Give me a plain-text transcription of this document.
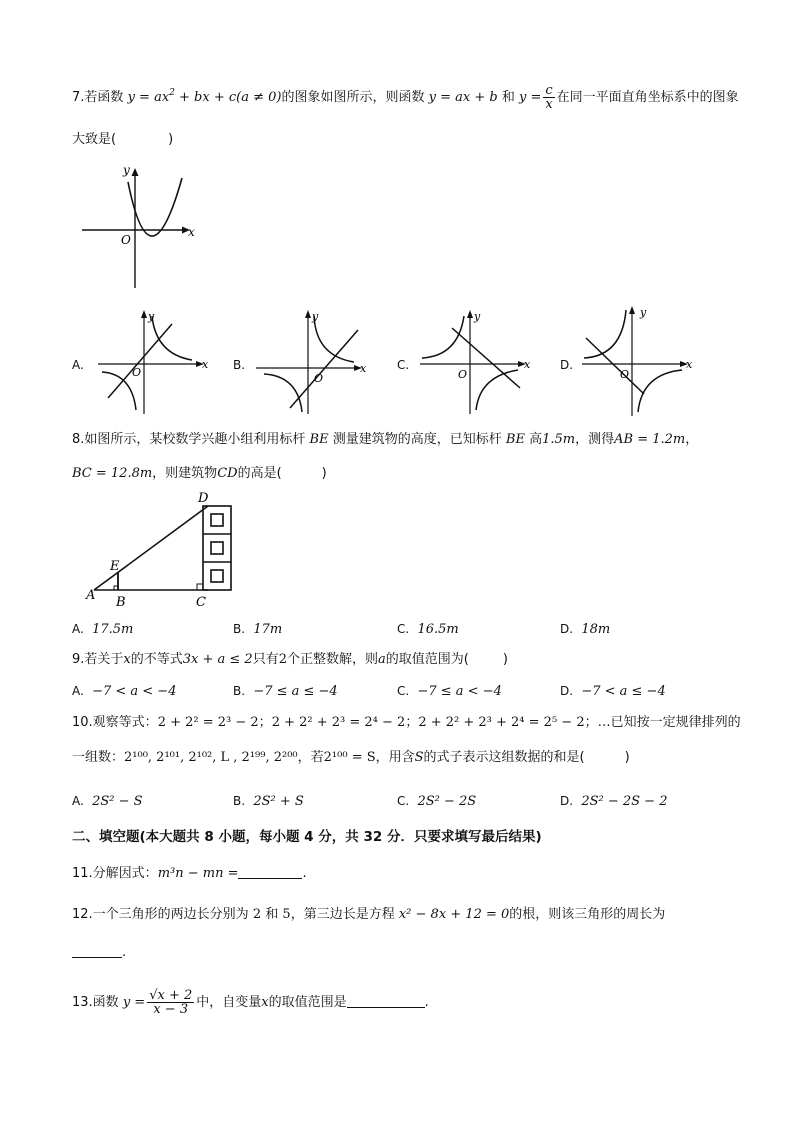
7.若函数 $y = ax^2$ + bx + c(a ≠ 0)的图象如图所示，则函数 y = ax + b 和 $y = \frac{c}{x}$ 在同一平面直角坐标系中的图象
大致是(	)
y
x
O
A.
y
x
O
B.
y
x
O
C.
y
x
O
D.
y
x
O
8.如图所示，某校数学兴趣小组利用标杆 BE 测量建筑物的高度，已知标杆 BE 高1.5m，测得AB = 1.2m，
BC = 12.8m，则建筑物CD的高是(	)
D
E
A B	C
A. 17.5m	B. 17m	C. 16.5m	D. 18m
9.若关于x的不等式3x + a ≤ 2只有2个正整数解，则a的取值范围为(	)
A. −7 < a < −4	B. −7 ≤ a ≤ −4	C. −7 ≤ a < −4	D. −7 < a ≤ −4
10.观察等式：2 + 2² = 2³ − 2；2 + 2² + 2³ = 2⁴ − 2；2 + 2² + 2³ + 2⁴ = 2⁵ − 2；…已知按一定规律排列的
一组数：2¹⁰⁰, 2¹⁰¹, 2¹⁰², L , 2¹⁹⁹, 2²⁰⁰，若2¹⁰⁰ = S，用含S的式子表示这组数据的和是(	)
A. 2S² − S	B. 2S² + S	C. 2S² − 2S	D. 2S² − 2S − 2
二、填空题(本大题共 8 小题，每小题 4 分，共 32 分．只要求填写最后结果)
11.分解因式：m³n − mn =	.
12.一个三角形的两边长分别为 2 和 5，第三边长是方程 x² − 8x + 12 = 0的根，则该三角形的周长为
.
13.函数 $y = \frac{√x + 2}{x - 3}$ 中，自变量x的取值范围是	.
